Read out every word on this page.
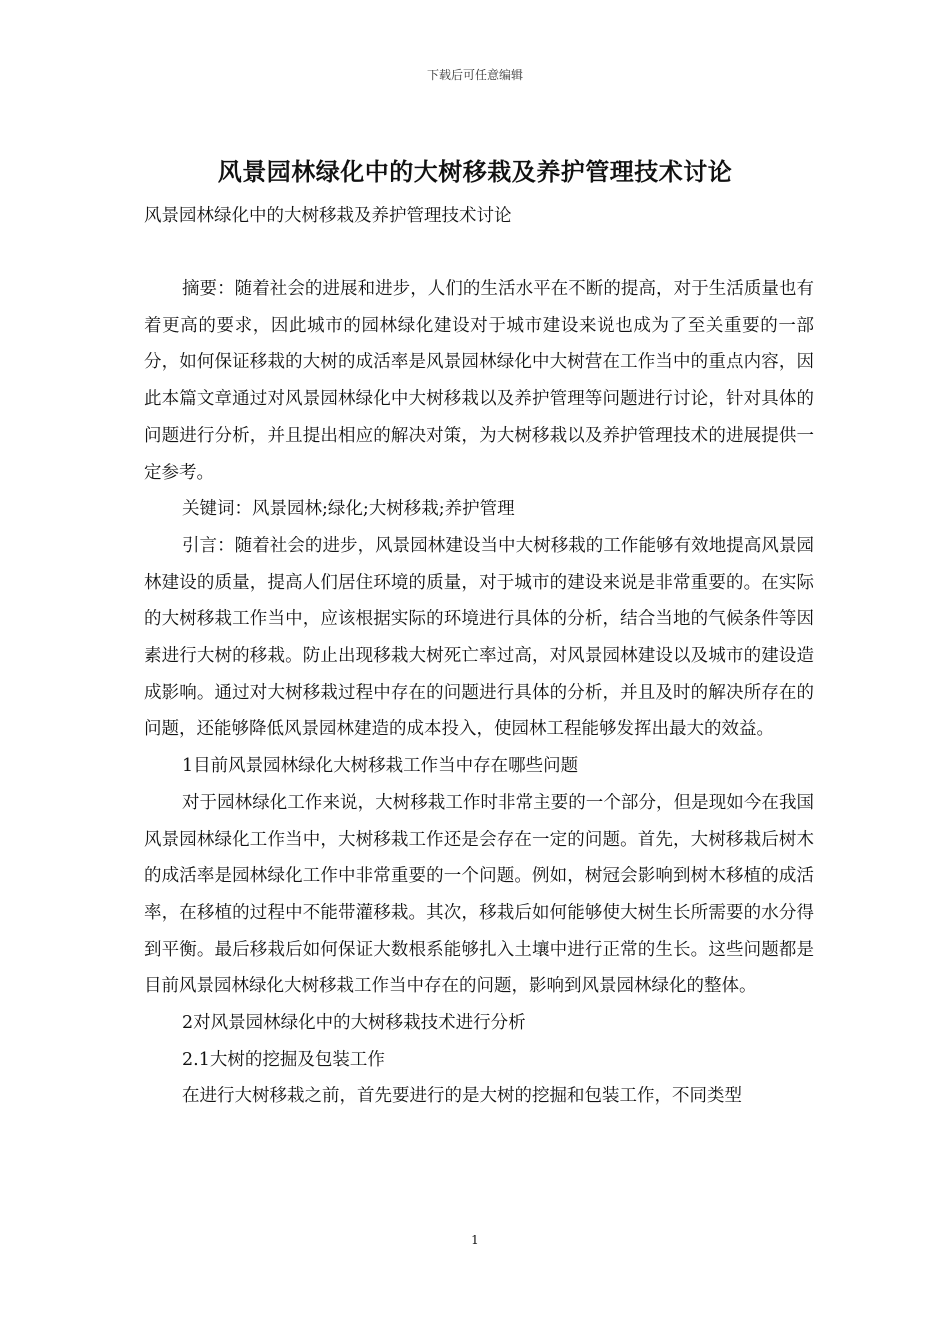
下载后可任意编辑
风景园林绿化中的大树移栽及养护管理技术讨论
风景园林绿化中的大树移栽及养护管理技术讨论

摘要：随着社会的进展和进步，人们的生活水平在不断的提高，对于生活质量也有着更高的要求，因此城市的园林绿化建设对于城市建设来说也成为了至关重要的一部分，如何保证移栽的大树的成活率是风景园林绿化中大树营在工作当中的重点内容，因此本篇文章通过对风景园林绿化中大树移栽以及养护管理等问题进行讨论，针对具体的问题进行分析，并且提出相应的解决对策，为大树移栽以及养护管理技术的进展提供一定参考。

关键词：风景园林;绿化;大树移栽;养护管理

引言：随着社会的进步，风景园林建设当中大树移栽的工作能够有效地提高风景园林建设的质量，提高人们居住环境的质量，对于城市的建设来说是非常重要的。在实际的大树移栽工作当中，应该根据实际的环境进行具体的分析，结合当地的气候条件等因素进行大树的移栽。防止出现移栽大树死亡率过高，对风景园林建设以及城市的建设造成影响。通过对大树移栽过程中存在的问题进行具体的分析，并且及时的解决所存在的问题，还能够降低风景园林建造的成本投入，使园林工程能够发挥出最大的效益。

1目前风景园林绿化大树移栽工作当中存在哪些问题

对于园林绿化工作来说，大树移栽工作时非常主要的一个部分，但是现如今在我国风景园林绿化工作当中，大树移栽工作还是会存在一定的问题。首先，大树移栽后树木的成活率是园林绿化工作中非常重要的一个问题。例如，树冠会影响到树木移植的成活率，在移植的过程中不能带灌移栽。其次，移栽后如何能够使大树生长所需要的水分得到平衡。最后移栽后如何保证大数根系能够扎入土壤中进行正常的生长。这些问题都是目前风景园林绿化大树移栽工作当中存在的问题，影响到风景园林绿化的整体。

2对风景园林绿化中的大树移栽技术进行分析

2.1大树的挖掘及包装工作

在进行大树移栽之前，首先要进行的是大树的挖掘和包装工作，不同类型

1
